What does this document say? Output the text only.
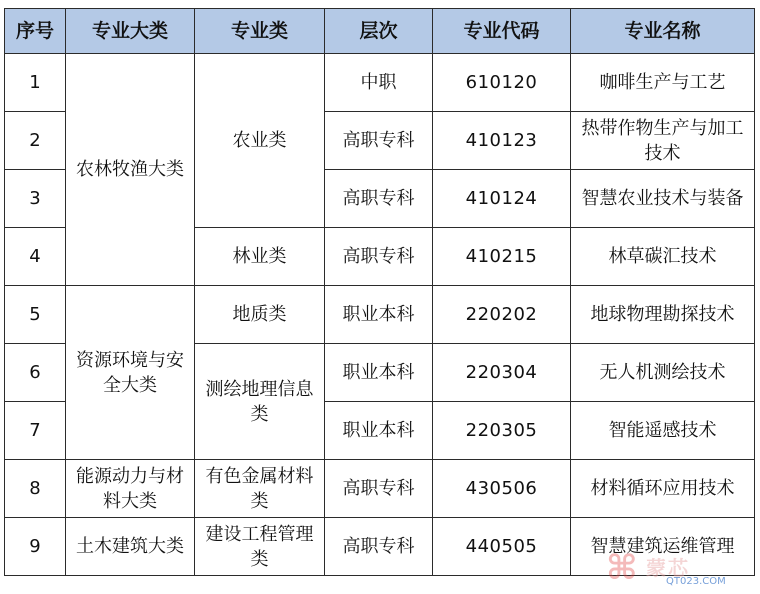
序号	专业大类	专业类	层次	专业代码	专业名称
1	农林牧渔大类	农业类	中职	610120	咖啡生产与工艺
2			高职专科	410123	热带作物生产与加工技术
3			高职专科	410124	智慧农业技术与装备
4		林业类	高职专科	410215	林草碳汇技术
5	资源环境与安全大类	地质类	职业本科	220202	地球物理勘探技术
6		测绘地理信息类	职业本科	220304	无人机测绘技术
7			职业本科	220305	智能遥感技术
8	能源动力与材料大类	有色金属材料类	高职专科	430506	材料循环应用技术
9	土木建筑大类	建设工程管理类	高职专科	440505	智慧建筑运维管理
⌘ 蒙芯
QT023.COM
